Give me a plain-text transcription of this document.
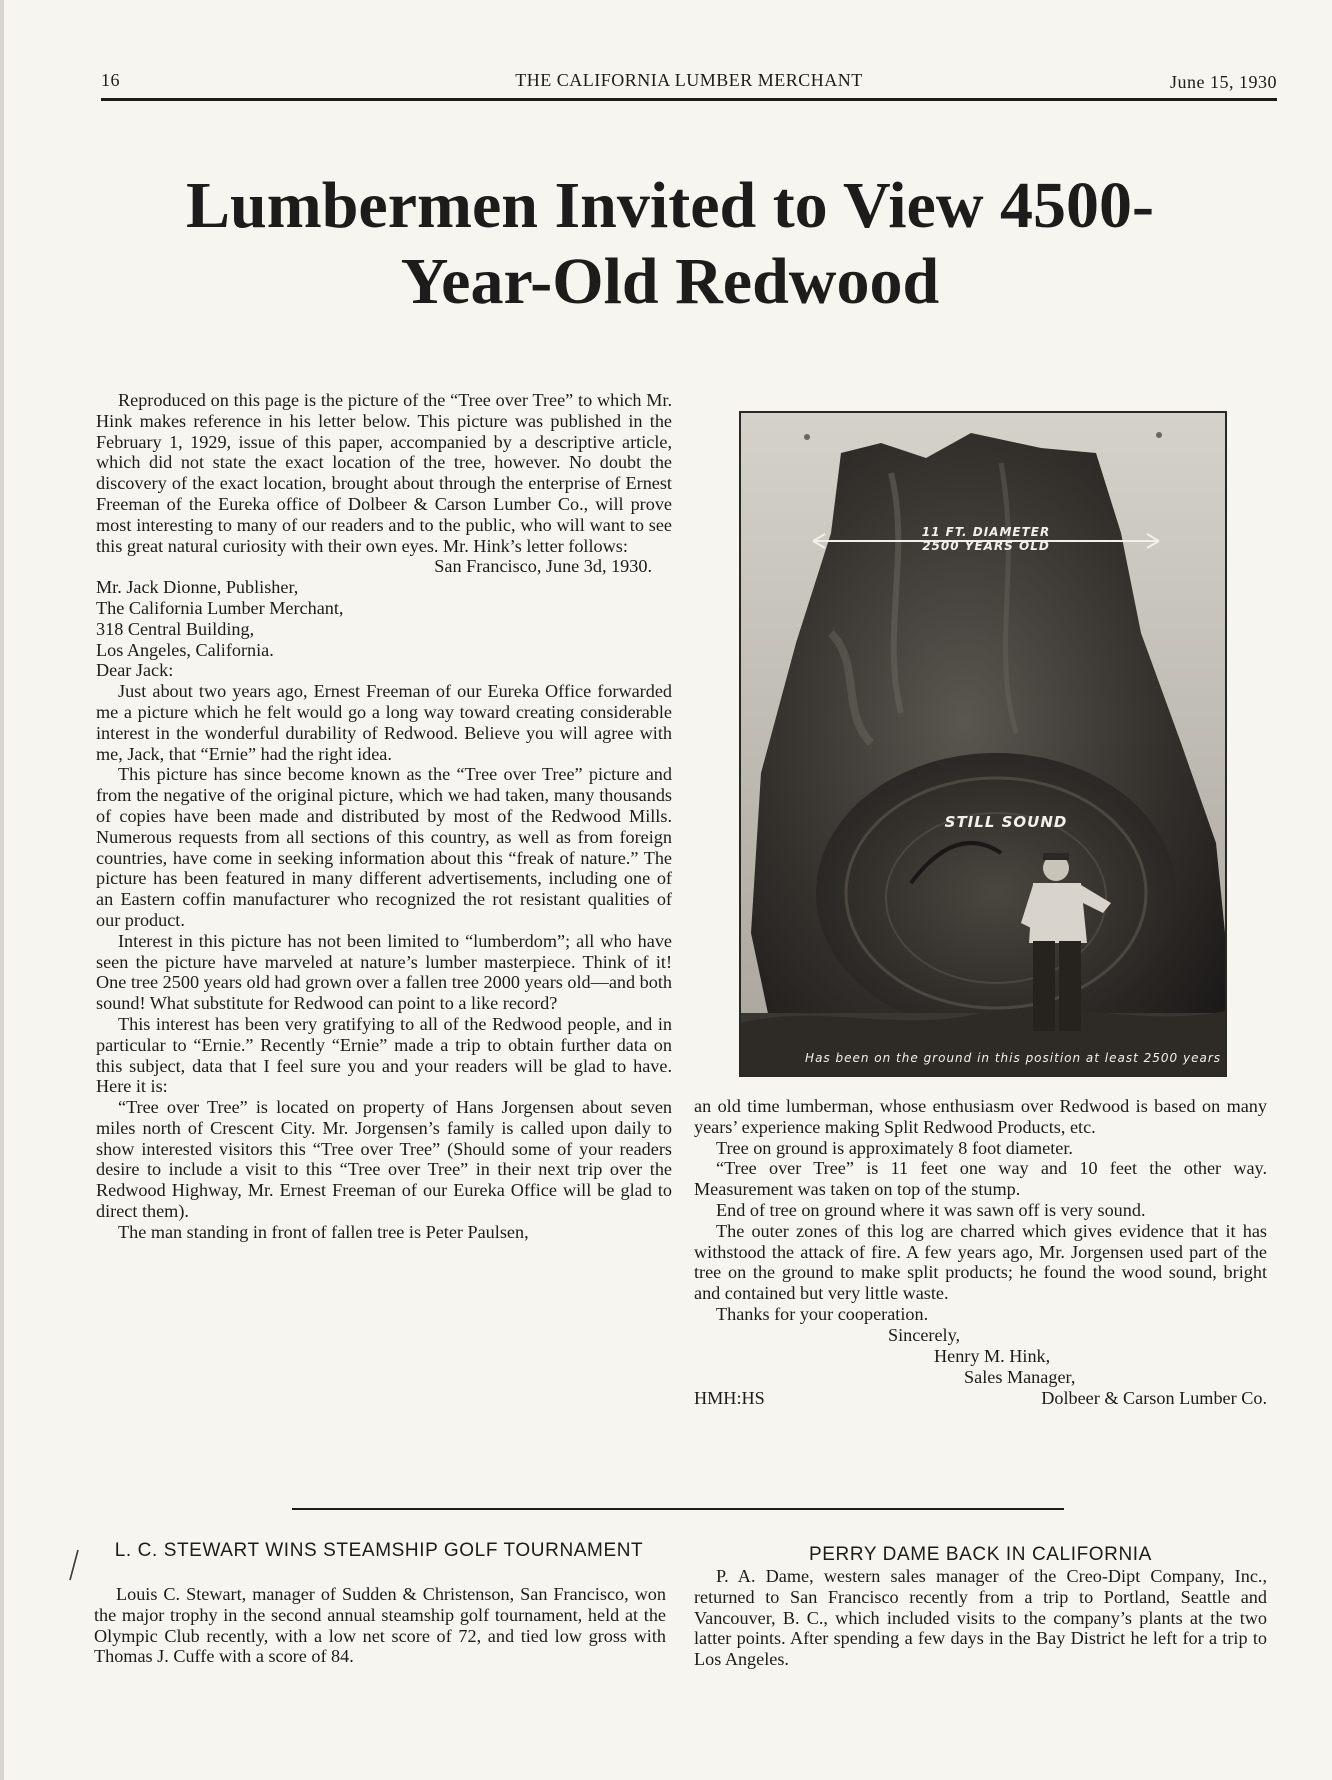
16	THE CALIFORNIA LUMBER MERCHANT	June 15, 1930
Lumbermen Invited to View 4500-
Year-Old Redwood

Reproduced on this page is the picture of the “Tree over Tree” to which Mr. Hink makes reference in his letter below. This picture was published in the February 1, 1929, issue of this paper, accompanied by a descriptive article, which did not state the exact location of the tree, however. No doubt the discovery of the exact location, brought about through the enterprise of Ernest Freeman of the Eureka office of Dolbeer & Carson Lumber Co., will prove most interesting to many of our readers and to the public, who will want to see this great natural curiosity with their own eyes. Mr. Hink’s letter follows:

San Francisco, June 3d, 1930.

Mr. Jack Dionne, Publisher,

The California Lumber Merchant,

318 Central Building,

Los Angeles, California.

Dear Jack:

Just about two years ago, Ernest Freeman of our Eureka Office forwarded me a picture which he felt would go a long way toward creating considerable interest in the wonderful durability of Redwood. Believe you will agree with me, Jack, that “Ernie” had the right idea.

This picture has since become known as the “Tree over Tree” picture and from the negative of the original picture, which we had taken, many thousands of copies have been made and distributed by most of the Redwood Mills. Numerous requests from all sections of this country, as well as from foreign countries, have come in seeking information about this “freak of nature.” The picture has been featured in many different advertisements, including one of an Eastern coffin manufacturer who recognized the rot resistant qualities of our product.

Interest in this picture has not been limited to “lumberdom”; all who have seen the picture have marveled at nature’s lumber masterpiece. Think of it! One tree 2500 years old had grown over a fallen tree 2000 years old—and both sound! What substitute for Redwood can point to a like record?

This interest has been very gratifying to all of the Redwood people, and in particular to “Ernie.” Recently “Ernie” made a trip to obtain further data on this subject, data that I feel sure you and your readers will be glad to have. Here it is:

“Tree over Tree” is located on property of Hans Jorgensen about seven miles north of Crescent City. Mr. Jorgensen’s family is called upon daily to show interested visitors this “Tree over Tree” (Should some of your readers desire to include a visit to this “Tree over Tree” in their next trip over the Redwood Highway, Mr. Ernest Freeman of our Eureka Office will be glad to direct them).

The man standing in front of fallen tree is Peter Paulsen,

11 FT. DIAMETER
2500 YEARS OLD
STILL SOUND
Has been on the ground in this position at least 2500 years

an old time lumberman, whose enthusiasm over Redwood is based on many years’ experience making Split Redwood Products, etc.

Tree on ground is approximately 8 foot diameter.

“Tree over Tree” is 11 feet one way and 10 feet the other way. Measurement was taken on top of the stump.

End of tree on ground where it was sawn off is very sound.

The outer zones of this log are charred which gives evidence that it has withstood the attack of fire. A few years ago, Mr. Jorgensen used part of the tree on the ground to make split products; he found the wood sound, bright and contained but very little waste.

Thanks for your cooperation.

Sincerely,

Henry M. Hink,

Sales Manager,

HMH:HS	Dolbeer & Carson Lumber Co.

L. C. STEWART WINS STEAMSHIP GOLF TOURNAMENT

Louis C. Stewart, manager of Sudden & Christenson, San Francisco, won the major trophy in the second annual steamship golf tournament, held at the Olympic Club recently, with a low net score of 72, and tied low gross with Thomas J. Cuffe with a score of 84.

PERRY DAME BACK IN CALIFORNIA

P. A. Dame, western sales manager of the Creo-Dipt Company, Inc., returned to San Francisco recently from a trip to Portland, Seattle and Vancouver, B. C., which included visits to the company’s plants at the two latter points. After spending a few days in the Bay District he left for a trip to Los Angeles.
